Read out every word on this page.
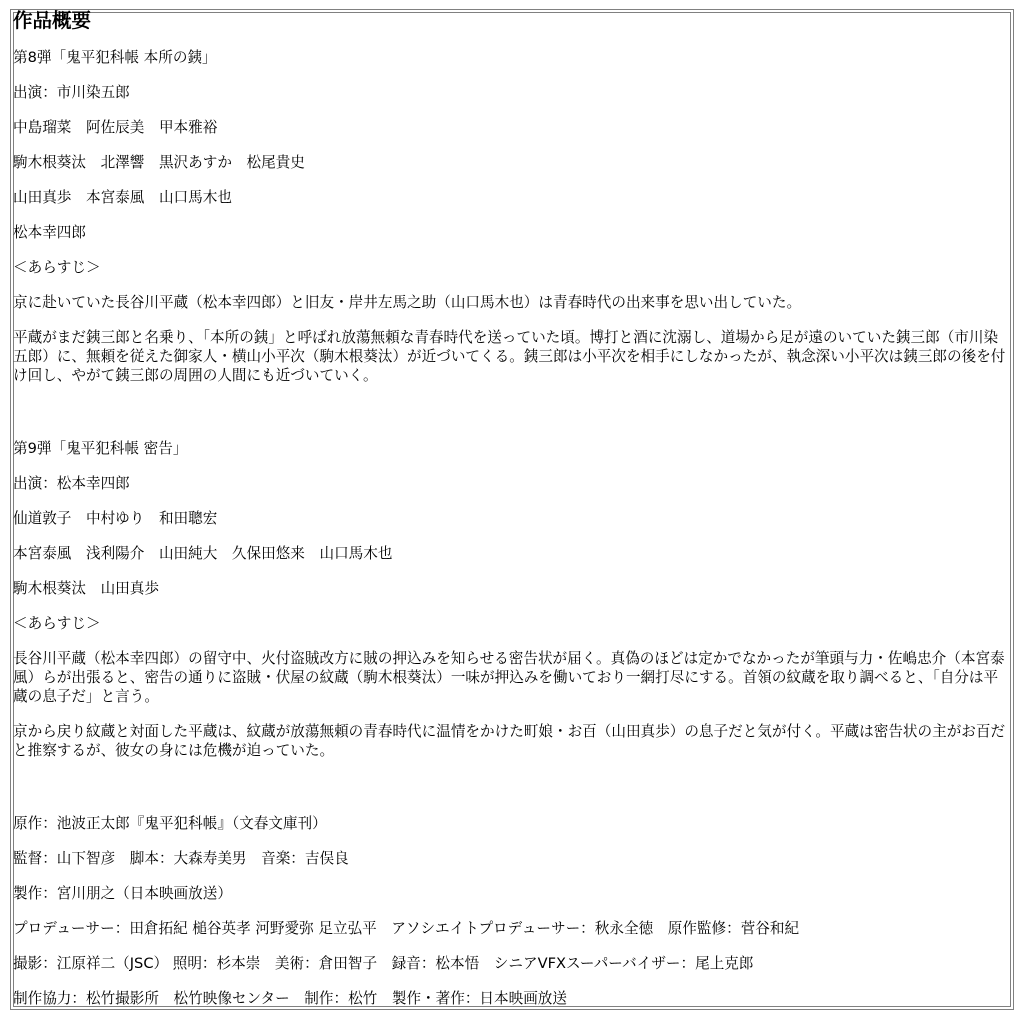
作品概要

第8弾「鬼平犯科帳 本所の銕」

出演：市川染五郎

中島瑠菜　阿佐辰美　甲本雅裕

駒木根葵汰　北澤響　黒沢あすか　松尾貴史

山田真歩　本宮泰風　山口馬木也

松本幸四郎

＜あらすじ＞

京に赴いていた長谷川平蔵（松本幸四郎）と旧友・岸井左馬之助（山口馬木也）は青春時代の出来事を思い出していた。

平蔵がまだ銕三郎と名乗り、「本所の銕」と呼ばれ放蕩無頼な青春時代を送っていた頃。博打と酒に沈溺し、道場から足が遠のいていた銕三郎（市川染五郎）に、無頼を従えた御家人・横山小平次（駒木根葵汰）が近づいてくる。銕三郎は小平次を相手にしなかったが、執念深い小平次は銕三郎の後を付け回し、やがて銕三郎の周囲の人間にも近づいていく。

第9弾「鬼平犯科帳 密告」

出演：松本幸四郎

仙道敦子　中村ゆり　和田聰宏

本宮泰風　浅利陽介　山田純大　久保田悠来　山口馬木也

駒木根葵汰　山田真歩

＜あらすじ＞

長谷川平蔵（松本幸四郎）の留守中、火付盗賊改方に賊の押込みを知らせる密告状が届く。真偽のほどは定かでなかったが筆頭与力・佐嶋忠介（本宮泰風）らが出張ると、密告の通りに盗賊・伏屋の紋蔵（駒木根葵汰）一味が押込みを働いており一網打尽にする。首領の紋蔵を取り調べると、「自分は平蔵の息子だ」と言う。

京から戻り紋蔵と対面した平蔵は、紋蔵が放蕩無頼の青春時代に温情をかけた町娘・お百（山田真歩）の息子だと気が付く。平蔵は密告状の主がお百だと推察するが、彼女の身には危機が迫っていた。

原作：池波正太郎『鬼平犯科帳』（文春文庫刊）

監督：山下智彦　脚本：大森寿美男　音楽：吉俣良

製作：宮川朋之（日本映画放送）

プロデューサー：田倉拓紀 槌谷英孝 河野愛弥 足立弘平　アソシエイトプロデューサー：秋永全徳　原作監修：菅谷和紀

撮影：江原祥二（JSC） 照明：杉本崇　美術：倉田智子　録音：松本悟　シニアVFXスーパーバイザー：尾上克郎

制作協力：松竹撮影所　松竹映像センター　制作：松竹　製作・著作：日本映画放送
